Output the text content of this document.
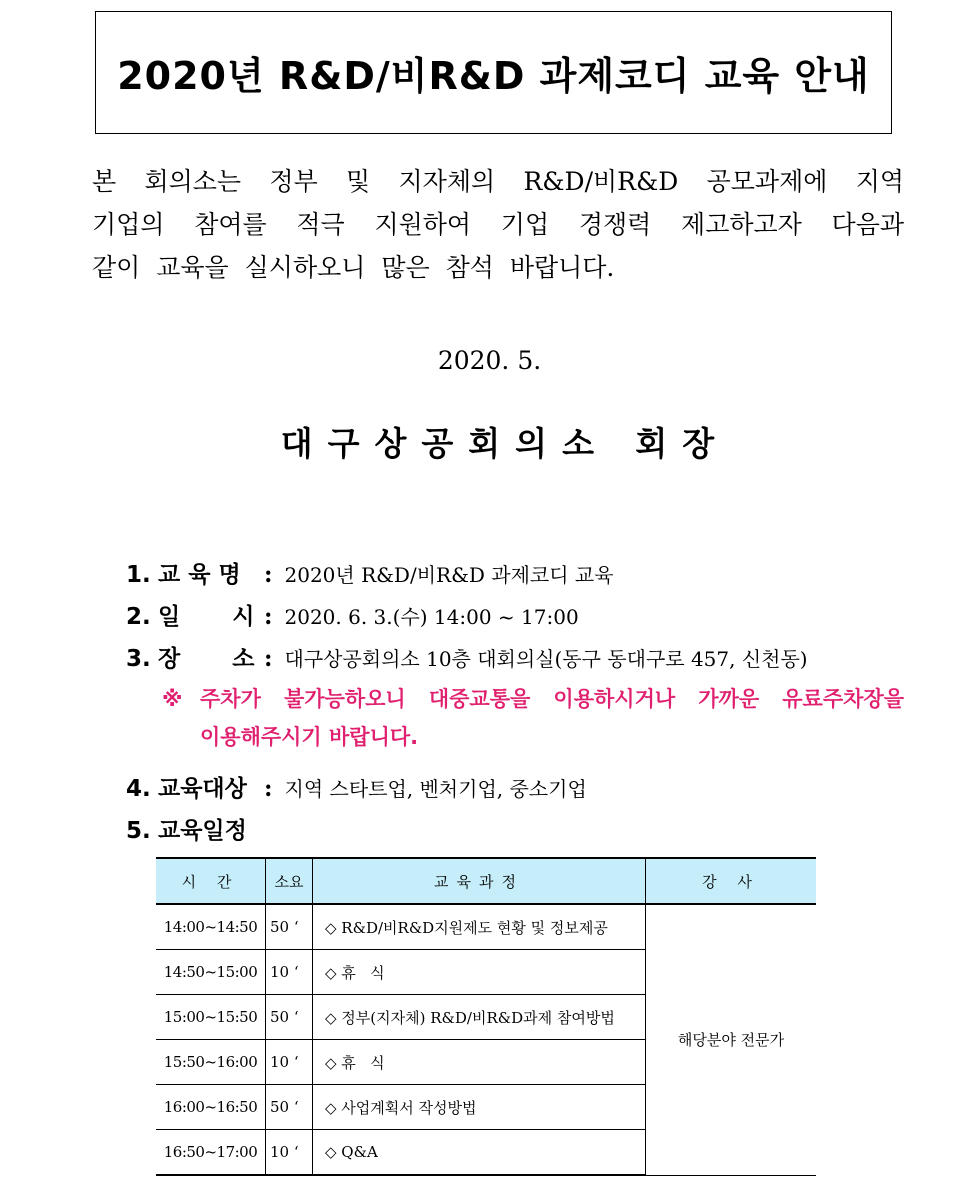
2020년 R&D/비R&D 과제코디 교육 안내
본 회의소는 정부 및 지자체의 R&D/비R&D 공모과제에 지역
기업의 참여를 적극 지원하여 기업 경쟁력 제고하고자 다음과
같이 교육을 실시하오니 많은 참석 바랍니다.
2020. 5.
대구상공회의소 회장
1. 교 육 명	: 2020년 R&D/비R&D 과제코디 교육
2. 일 시 : 2020. 6. 3.(수) 14:00 ~ 17:00
3. 장 소 : 대구상공회의소 10층 대회의실(동구 동대구로 457, 신천동)
※ 주차가 불가능하오니 대중교통을 이용하시거나 가까운 유료주차장을
이용해주시기 바랍니다.
4. 교육대상 : 지역 스타트업, 벤처기업, 중소기업
5. 교육일정
시 간	소요	교육과정	강 사
14:00~14:50	50 ‘	◇ R&D/비R&D지원제도 현황 및 정보제공	해당분야 전문가
14:50~15:00	10 ‘	◇ 휴   식	
15:00~15:50	50 ‘	◇ 정부(지자체) R&D/비R&D과제 참여방법	
15:50~16:00	10 ‘	◇ 휴   식	
16:00~16:50	50 ‘	◇ 사업계획서 작성방법	
16:50~17:00	10 ‘	◇ Q&A	
